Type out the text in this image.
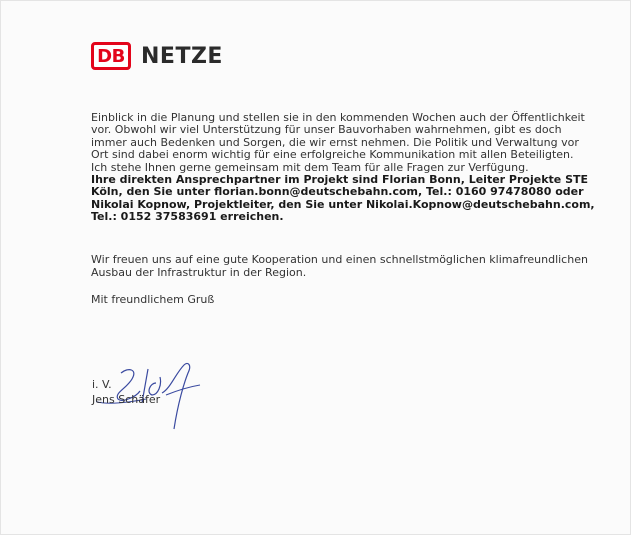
DB NETZE
Einblick in die Planung und stellen sie in den kommenden Wochen auch der Öffentlichkeit
vor. Obwohl wir viel Unterstützung für unser Bauvorhaben wahrnehmen, gibt es doch
immer auch Bedenken und Sorgen, die wir ernst nehmen. Die Politik und Verwaltung vor
Ort sind dabei enorm wichtig für eine erfolgreiche Kommunikation mit allen Beteiligten.
Ich stehe Ihnen gerne gemeinsam mit dem Team für alle Fragen zur Verfügung.
Ihre direkten Ansprechpartner im Projekt sind Florian Bonn, Leiter Projekte STE
Köln, den Sie unter florian.bonn@deutschebahn.com, Tel.: 0160 97478080 oder
Nikolai Kopnow, Projektleiter, den Sie unter Nikolai.Kopnow@deutschebahn.com,
Tel.: 0152 37583691 erreichen.
Wir freuen uns auf eine gute Kooperation und einen schnellstmöglichen klimafreundlichen
Ausbau der Infrastruktur in der Region.
Mit freundlichem Gruß
i. V.
Jens Schäfer
